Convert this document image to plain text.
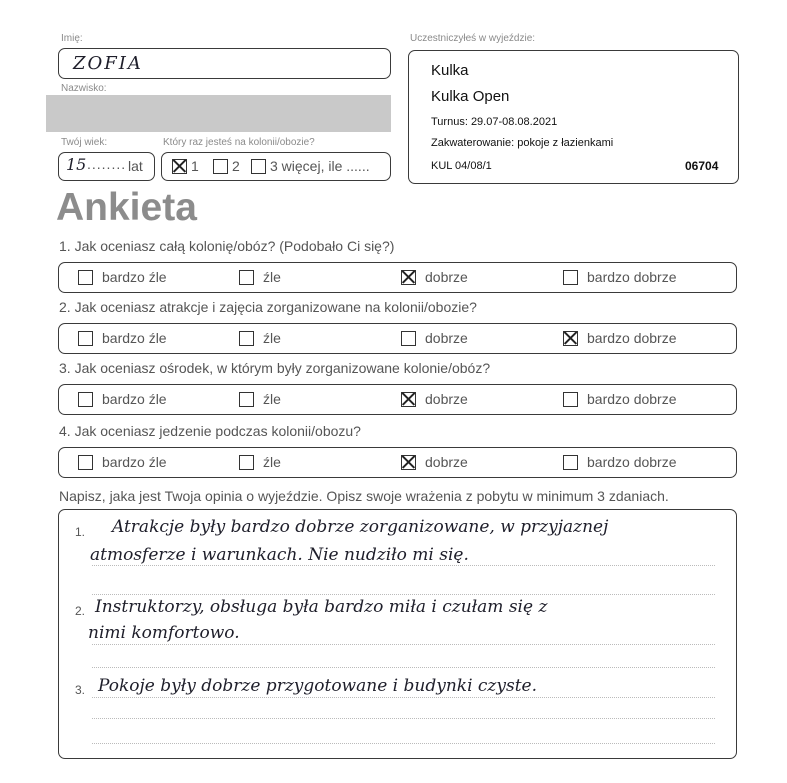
Imię:
ZOFIA
Nazwisko:
Twój wiek:
15 ........ lat
Który raz jesteś na kolonii/obozie?
1 2 3 więcej, ile ......
Uczestniczyłeś w wyjeździe:
Kulka
Kulka Open
Turnus: 29.07-08.08.2021
Zakwaterowanie: pokoje z łazienkami
KUL 04/08/1	06704
Ankieta
1. Jak oceniasz całą kolonię/obóz? (Podobało Ci się?)
bardzo źle	źle	dobrze	bardzo dobrze
2. Jak oceniasz atrakcje i zajęcia zorganizowane na kolonii/obozie?
bardzo źle	źle	dobrze	bardzo dobrze
3. Jak oceniasz ośrodek, w którym były zorganizowane kolonie/obóz?
bardzo źle	źle	dobrze	bardzo dobrze
4. Jak oceniasz jedzenie podczas kolonii/obozu?
bardzo źle	źle	dobrze	bardzo dobrze
Napisz, jaka jest Twoja opinia o wyjeździe. Opisz swoje wrażenia z pobytu w minimum 3 zdaniach.
1. Atrakcje były bardzo dobrze zorganizowane, w przyjaznej
atmosferze i warunkach. Nie nudziło mi się.
2. Instruktorzy, obsługa była bardzo miła i czułam się z
nimi komfortowo.
3. Pokoje były dobrze przygotowane i budynki czyste.
